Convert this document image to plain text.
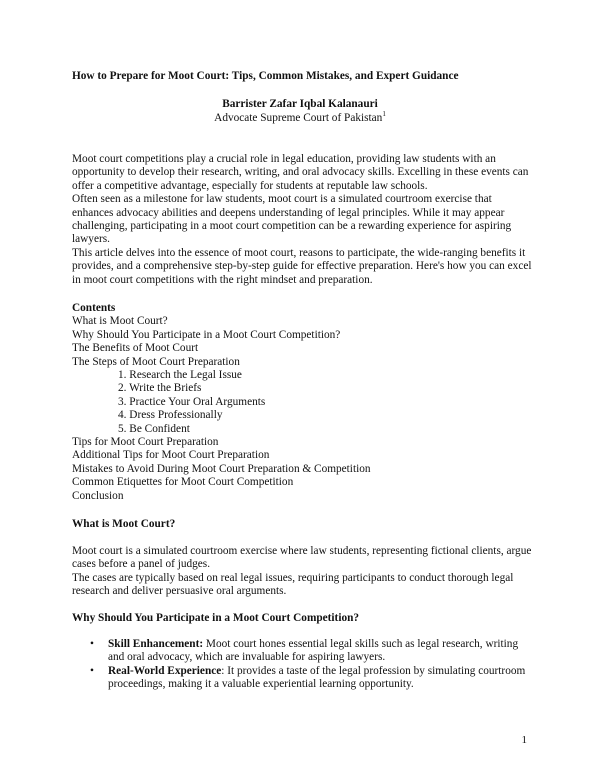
How to Prepare for Moot Court: Tips, Common Mistakes, and Expert Guidance
Barrister Zafar Iqbal Kalanauri
Advocate Supreme Court of Pakistan$^1$

Moot court competitions play a crucial role in legal education, providing law students with an opportunity to develop their research, writing, and oral advocacy skills. Excelling in these events can offer a competitive advantage, especially for students at reputable law schools.

Often seen as a milestone for law students, moot court is a simulated courtroom exercise that enhances advocacy abilities and deepens understanding of legal principles. While it may appear challenging, participating in a moot court competition can be a rewarding experience for aspiring lawyers.

This article delves into the essence of moot court, reasons to participate, the wide-ranging benefits it provides, and a comprehensive step-by-step guide for effective preparation. Here's how you can excel in moot court competitions with the right mindset and preparation.

Contents
What is Moot Court?
Why Should You Participate in a Moot Court Competition?
The Benefits of Moot Court
The Steps of Moot Court Preparation
1. Research the Legal Issue
2. Write the Briefs
3. Practice Your Oral Arguments
4. Dress Professionally
5. Be Confident
Tips for Moot Court Preparation
Additional Tips for Moot Court Preparation
Mistakes to Avoid During Moot Court Preparation & Competition
Common Etiquettes for Moot Court Competition
Conclusion
What is Moot Court?

Moot court is a simulated courtroom exercise where law students, representing fictional clients, argue cases before a panel of judges.

The cases are typically based on real legal issues, requiring participants to conduct thorough legal research and deliver persuasive oral arguments.

Why Should You Participate in a Moot Court Competition?
• Skill Enhancement: Moot court hones essential legal skills such as legal research, writing and oral advocacy, which are invaluable for aspiring lawyers.
• Real-World Experience: It provides a taste of the legal profession by simulating courtroom proceedings, making it a valuable experiential learning opportunity.
1
